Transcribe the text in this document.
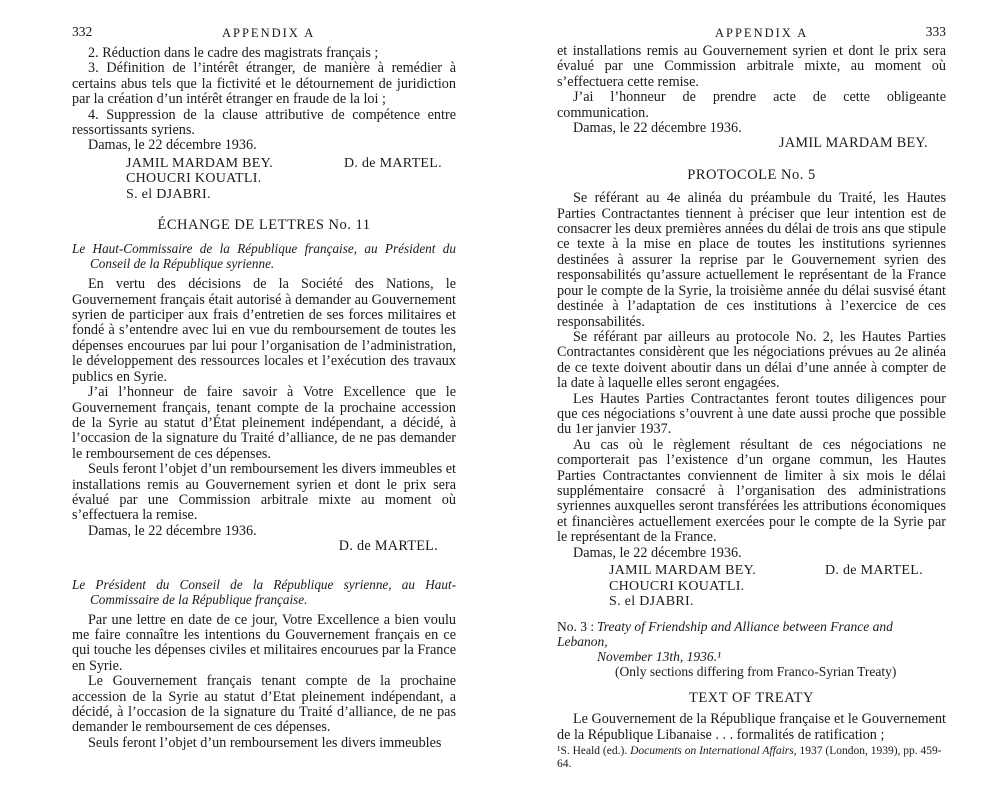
332	APPENDIX A

2. Réduction dans le cadre des magistrats français ;

3. Définition de l’intérêt étranger, de manière à remédier à certains abus tels que la fictivité et le détournement de juridiction par la création d’un intérêt étranger en fraude de la loi ;

4. Suppression de la clause attributive de compétence entre ressortissants syriens.

Damas, le 22 décembre 1936.

JAMIL MARDAM BEY.
CHOUCRI KOUATLI.
S. el DJABRI.
D. de MARTEL.
ÉCHANGE DE LETTRES No. 11

Le Haut-Commissaire de la République française, au Président du Conseil de la République syrienne.

En vertu des décisions de la Société des Nations, le Gouvernement français était autorisé à demander au Gouvernement syrien de participer aux frais d’entretien de ses forces militaires et fondé à s’entendre avec lui en vue du remboursement de toutes les dépenses encourues par lui pour l’organisation de l’administration, le développement des ressources locales et l’exécution des travaux publics en Syrie.

J’ai l’honneur de faire savoir à Votre Excellence que le Gouvernement français, tenant compte de la prochaine accession de la Syrie au statut d’État pleinement indépendant, a décidé, à l’occasion de la signature du Traité d’alliance, de ne pas demander le remboursement de ces dépenses.

Seuls feront l’objet d’un remboursement les divers immeubles et installations remis au Gouvernement syrien et dont le prix sera évalué par une Commission arbitrale mixte au moment où s’effectuera la remise.

Damas, le 22 décembre 1936.

D. de MARTEL.

Le Président du Conseil de la République syrienne, au Haut-Commissaire de la République française.

Par une lettre en date de ce jour, Votre Excellence a bien voulu me faire connaître les intentions du Gouvernement français en ce qui touche les dépenses civiles et militaires encourues par la France en Syrie.

Le Gouvernement français tenant compte de la prochaine accession de la Syrie au statut d’Etat pleinement indépendant, a décidé, à l’occasion de la signature du Traité d’alliance, de ne pas demander le remboursement de ces dépenses.

Seuls feront l’objet d’un remboursement les divers immeubles

APPENDIX A	333

et installations remis au Gouvernement syrien et dont le prix sera évalué par une Commission arbitrale mixte, au moment où s’effectuera cette remise.

J’ai l’honneur de prendre acte de cette obligeante communication.

Damas, le 22 décembre 1936.

JAMIL MARDAM BEY.
PROTOCOLE No. 5

Se référant au 4e alinéa du préambule du Traité, les Hautes Parties Contractantes tiennent à préciser que leur intention est de consacrer les deux premières années du délai de trois ans que stipule ce texte à la mise en place de toutes les institutions syriennes destinées à assurer la reprise par le Gouvernement syrien des responsabilités qu’assure actuellement le représentant de la France pour le compte de la Syrie, la troisième année du délai susvisé étant destinée à l’adaptation de ces institutions à l’exercice de ces responsabilités.

Se référant par ailleurs au protocole No. 2, les Hautes Parties Contractantes considèrent que les négociations prévues au 2e alinéa de ce texte doivent aboutir dans un délai d’une année à compter de la date à laquelle elles seront engagées.

Les Hautes Parties Contractantes feront toutes diligences pour que ces négociations s’ouvrent à une date aussi proche que possible du 1er janvier 1937.

Au cas où le règlement résultant de ces négociations ne comporterait pas l’existence d’un organe commun, les Hautes Parties Contractantes conviennent de limiter à six mois le délai supplémentaire consacré à l’organisation des administrations syriennes auxquelles seront transférées les attributions économiques et financières actuellement exercées pour le compte de la Syrie par le représentant de la France.

Damas, le 22 décembre 1936.

JAMIL MARDAM BEY.
CHOUCRI KOUATLI.
S. el DJABRI.
D. de MARTEL.
No. 3 : Treaty of Friendship and Alliance between France and Lebanon,
November 13th, 1936.¹
(Only sections differing from Franco-Syrian Treaty)
TEXT OF TREATY

Le Gouvernement de la République française et le Gouvernement de la République Libanaise . . . formalités de ratification ;

¹S. Heald (ed.). Documents on International Affairs, 1937 (London, 1939), pp. 459-64.
